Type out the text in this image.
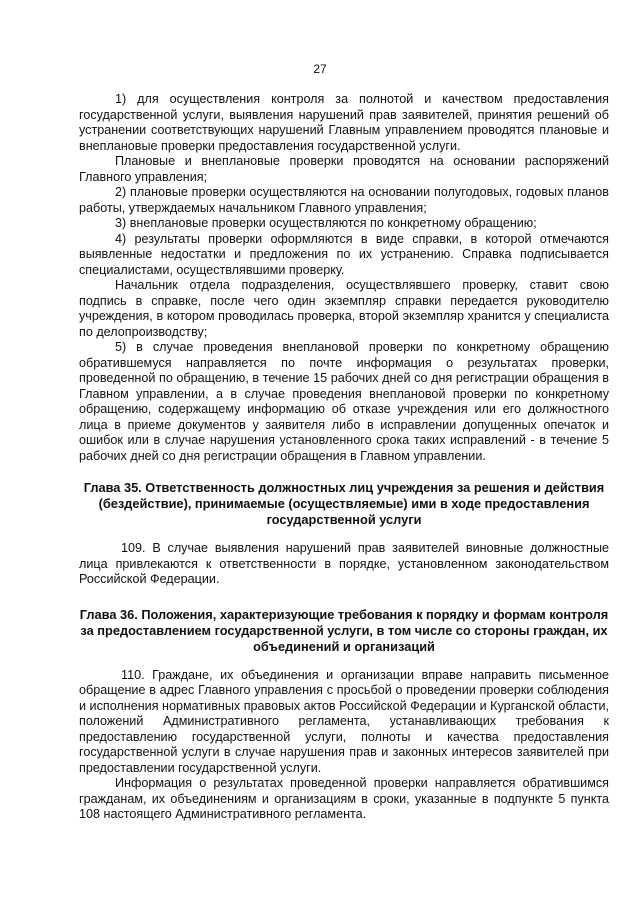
27

1) для осуществления контроля за полнотой и качеством предоставления государственной услуги, выявления нарушений прав заявителей, принятия решений об устранении соответствующих нарушений Главным управлением проводятся плановые и внеплановые проверки предоставления государственной услуги.

Плановые и внеплановые проверки проводятся на основании распоряжений Главного управления;

2) плановые проверки осуществляются на основании полугодовых, годовых планов работы, утверждаемых начальником Главного управления;

3) внеплановые проверки осуществляются по конкретному обращению;

4) результаты проверки оформляются в виде справки, в которой отмечаются выявленные недостатки и предложения по их устранению. Справка подписывается специалистами, осуществлявшими проверку.

Начальник отдела подразделения, осуществлявшего проверку, ставит свою подпись в справке, после чего один экземпляр справки передается руководителю учреждения, в котором проводилась проверка, второй экземпляр хранится у специалиста по делопроизводству;

5) в случае проведения внеплановой проверки по конкретному обращению обратившемуся направляется по почте информация о результатах проверки, проведенной по обращению, в течение 15 рабочих дней со дня регистрации обращения в Главном управлении, а в случае проведения внеплановой проверки по конкретному обращению, содержащему информацию об отказе учреждения или его должностного лица в приеме документов у заявителя либо в исправлении допущенных опечаток и ошибок или в случае нарушения установленного срока таких исправлений - в течение 5 рабочих дней со дня регистрации обращения в Главном управлении.

Глава 35. Ответственность должностных лиц учреждения за решения и действия (бездействие), принимаемые (осуществляемые) ими в ходе предоставления государственной услуги

109. В случае выявления нарушений прав заявителей виновные должностные лица привлекаются к ответственности в порядке, установленном законодательством Российской Федерации.

Глава 36. Положения, характеризующие требования к порядку и формам контроля за предоставлением государственной услуги, в том числе со стороны граждан, их объединений и организаций

110. Граждане, их объединения и организации вправе направить письменное обращение в адрес Главного управления с просьбой о проведении проверки соблюдения и исполнения нормативных правовых актов Российской Федерации и Курганской области, положений Административного регламента, устанавливающих требования к предоставлению государственной услуги, полноты и качества предоставления государственной услуги в случае нарушения прав и законных интересов заявителей при предоставлении государственной услуги.

Информация о результатах проведенной проверки направляется обратившимся гражданам, их объединениям и организациям в сроки, указанные в подпункте 5 пункта 108 настоящего Административного регламента.
